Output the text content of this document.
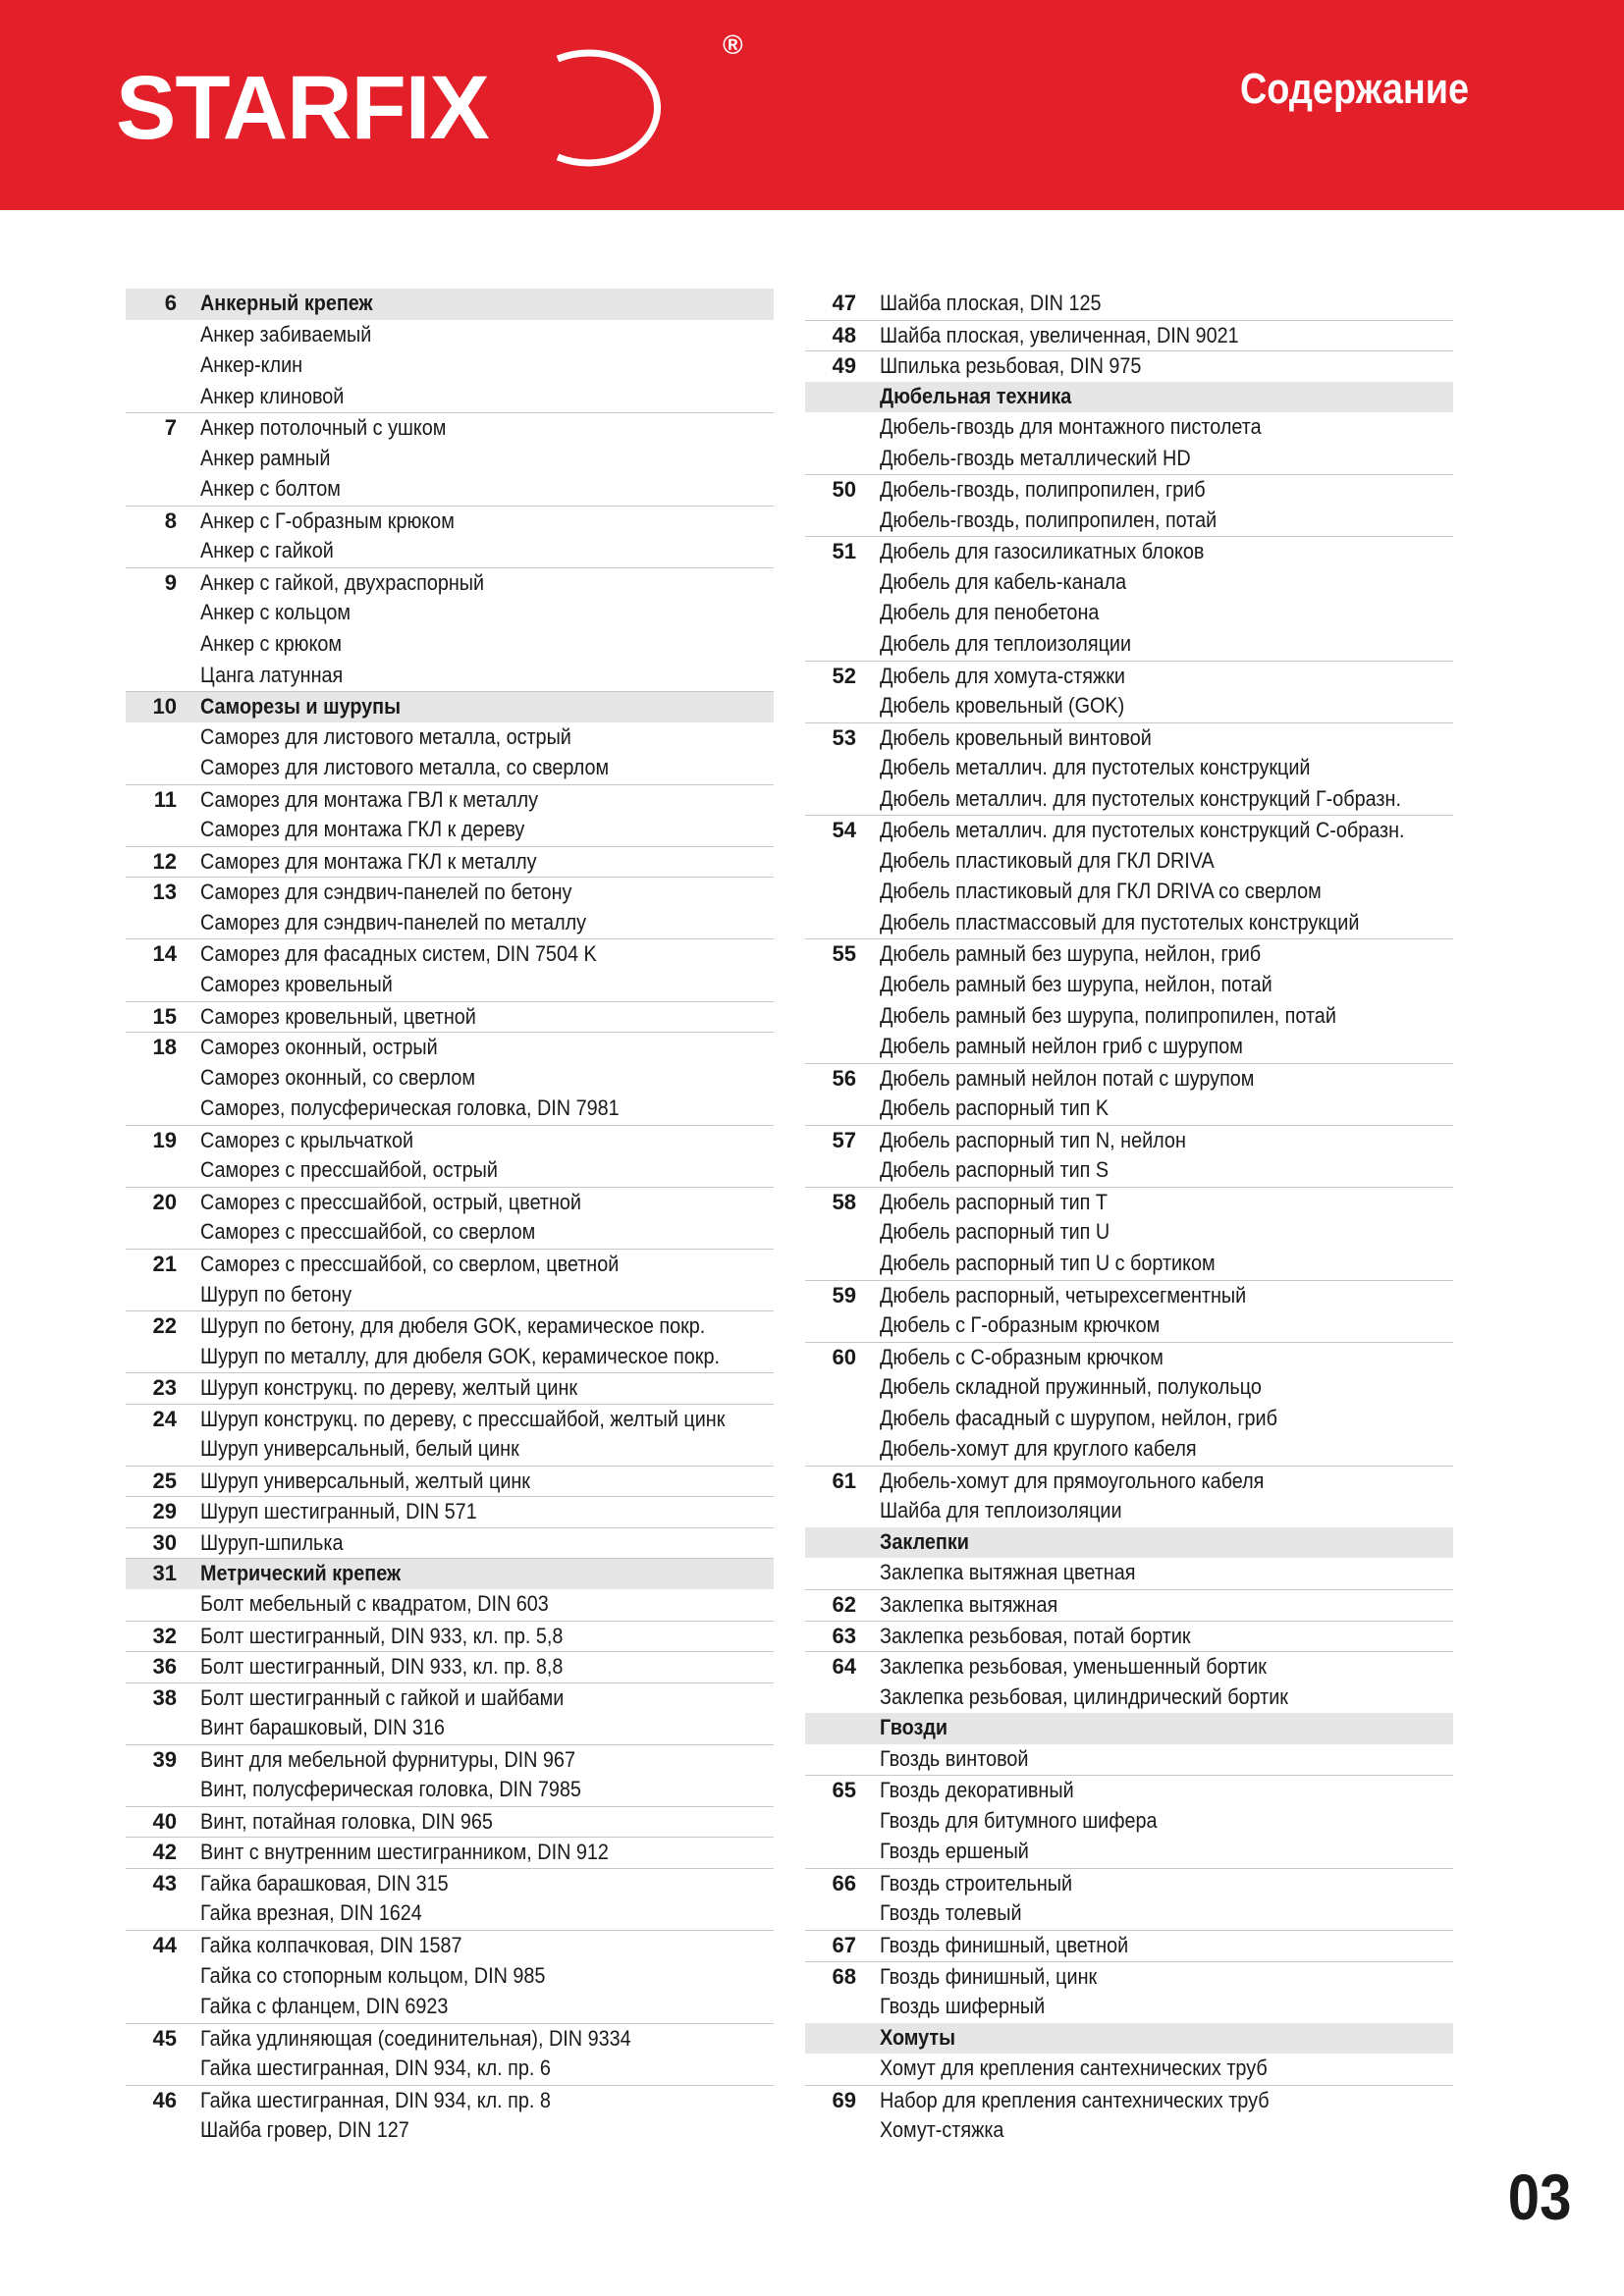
STARFIX
®
Содержание
6 Анкерный крепеж
Анкер забиваемый
Анкер-клин
Анкер клиновой
7 Анкер потолочный с ушком
Анкер рамный
Анкер с болтом
8 Анкер с Г-образным крюком
Анкер с гайкой
9 Анкер с гайкой, двухраспорный
Анкер с кольцом
Анкер с крюком
Цанга латунная
10 Саморезы и шурупы
Саморез для листового металла, острый
Саморез для листового металла, со сверлом
11 Саморез для монтажа ГВЛ к металлу
Саморез для монтажа ГКЛ к дереву
12 Саморез для монтажа ГКЛ к металлу
13 Саморез для сэндвич-панелей по бетону
Саморез для сэндвич-панелей по металлу
14 Саморез для фасадных систем, DIN 7504 K
Саморез кровельный
15 Саморез кровельный, цветной
18 Саморез оконный, острый
Саморез оконный, со сверлом
Саморез, полусферическая головка, DIN 7981
19 Саморез с крыльчаткой
Саморез с прессшайбой, острый
20 Саморез с прессшайбой, острый, цветной
Саморез с прессшайбой, со сверлом
21 Саморез с прессшайбой, со сверлом, цветной
Шуруп по бетону
22 Шуруп по бетону, для дюбеля GOK, керамическое покр.
Шуруп по металлу, для дюбеля GOK, керамическое покр.
23 Шуруп конструкц. по дереву, желтый цинк
24 Шуруп конструкц. по дереву, с прессшайбой, желтый цинк
Шуруп универсальный, белый цинк
25 Шуруп универсальный, желтый цинк
29 Шуруп шестигранный, DIN 571
30 Шуруп-шпилька
31 Метрический крепеж
Болт мебельный с квадратом, DIN 603
32 Болт шестигранный, DIN 933, кл. пр. 5,8
36 Болт шестигранный, DIN 933, кл. пр. 8,8
38 Болт шестигранный с гайкой и шайбами
Винт барашковый, DIN 316
39 Винт для мебельной фурнитуры, DIN 967
Винт, полусферическая головка, DIN 7985
40 Винт, потайная головка, DIN 965
42 Винт с внутренним шестигранником, DIN 912
43 Гайка барашковая, DIN 315
Гайка врезная, DIN 1624
44 Гайка колпачковая, DIN 1587
Гайка со стопорным кольцом, DIN 985
Гайка с фланцем, DIN 6923
45 Гайка удлиняющая (соединительная), DIN 9334
Гайка шестигранная, DIN 934, кл. пр. 6
46 Гайка шестигранная, DIN 934, кл. пр. 8
Шайба гровер, DIN 127
47 Шайба плоская, DIN 125
48 Шайба плоская, увеличенная, DIN 9021
49 Шпилька резьбовая, DIN 975
Дюбельная техника
Дюбель-гвоздь для монтажного пистолета
Дюбель-гвоздь металлический HD
50 Дюбель-гвоздь, полипропилен, гриб
Дюбель-гвоздь, полипропилен, потай
51 Дюбель для газосиликатных блоков
Дюбель для кабель-канала
Дюбель для пенобетона
Дюбель для теплоизоляции
52 Дюбель для хомута-стяжки
Дюбель кровельный (GOK)
53 Дюбель кровельный винтовой
Дюбель металлич. для пустотелых конструкций
Дюбель металлич. для пустотелых конструкций Г-образн.
54 Дюбель металлич. для пустотелых конструкций С-образн.
Дюбель пластиковый для ГКЛ DRIVA
Дюбель пластиковый для ГКЛ DRIVA со сверлом
Дюбель пластмассовый для пустотелых конструкций
55 Дюбель рамный без шурупа, нейлон, гриб
Дюбель рамный без шурупа, нейлон, потай
Дюбель рамный без шурупа, полипропилен, потай
Дюбель рамный нейлон гриб с шурупом
56 Дюбель рамный нейлон потай с шурупом
Дюбель распорный тип K
57 Дюбель распорный тип N, нейлон
Дюбель распорный тип S
58 Дюбель распорный тип T
Дюбель распорный тип U
Дюбель распорный тип U с бортиком
59 Дюбель распорный, четырехсегментный
Дюбель с Г-образным крючком
60 Дюбель с С-образным крючком
Дюбель складной пружинный, полукольцо
Дюбель фасадный с шурупом, нейлон, гриб
Дюбель-хомут для круглого кабеля
61 Дюбель-хомут для прямоугольного кабеля
Шайба для теплоизоляции
Заклепки
Заклепка вытяжная цветная
62 Заклепка вытяжная
63 Заклепка резьбовая, потай бортик
64 Заклепка резьбовая, уменьшенный бортик
Заклепка резьбовая, цилиндрический бортик
Гвозди
Гвоздь винтовой
65 Гвоздь декоративный
Гвоздь для битумного шифера
Гвоздь ершеный
66 Гвоздь строительный
Гвоздь толевый
67 Гвоздь финишный, цветной
68 Гвоздь финишный, цинк
Гвоздь шиферный
Хомуты
Хомут для крепления сантехнических труб
69 Набор для крепления сантехнических труб
Хомут-стяжка
03
